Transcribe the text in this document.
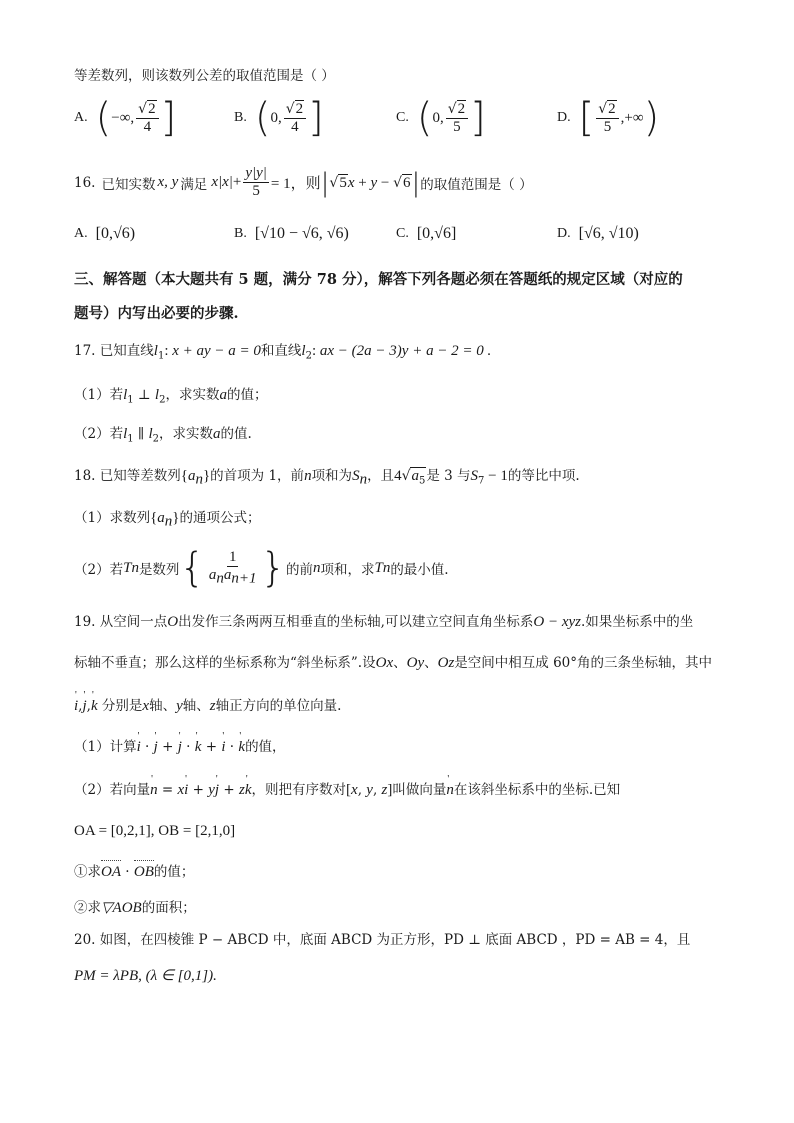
等差数列，则该数列公差的取值范围是（ ）
A. ( −∞, $\frac{√2}{4}$ ]	B. ( 0, $\frac{√2}{4}$ ]	C. ( 0, $\frac{√2}{5}$ ]	D. [ $\frac{√2}{5}$ ,+∞ )
16. 已知实数 x, y 满足 $x|x| + \frac{y|y|}{5} = 1$，则 | √5x + y − √6 | 的取值范围是（ ）
A. [0,√6)	B. [√10 − √6, √6)	C. [0,√6]	D. [√6, √10)
三、解答题（本大题共有 5 题，满分 78 分），解答下列各题必须在答题纸的规定区域（对应的
题号）内写出必要的步骤.
17. 已知直线$l_1$: x + ay − a = 0和直线$l_2$: ax − (2a − 3)y + a − 2 = 0 .
（1）若$l_1$ ⊥ $l_2$，求实数a的值；
（2）若$l_1$ ∥ $l_2$，求实数a的值.
18. 已知等差数列$\{a_n\}$的首项为 1，前n项和为$S_n$，且$4√a_5$是 3 与$S_7 - 1$的等比中项.
（1）求数列$\{a_n\}$的通项公式；
（2）若 T n 是数列 { $\frac{1}{a_na_{n+1}}$ } 的前 n 项和，求 T n 的最小值.
19. 从空间一点O出发作三条两两互相垂直的坐标轴,可以建立空间直角坐标系O − xyz.如果坐标系中的坐
标轴不垂直；那么这样的坐标系称为“斜坐标系”.设Ox、Oy、Oz是空间中相互成 60°角的三条坐标轴，其中
' i,' j,' k 分别是x轴、y轴、z轴正方向的单位向量.
（1）计算' i · ' j + ' j · ' k + ' i · ' k的值，
（2）若向量' n = x' i + y' j + z' k，则把有序数对[x, y, z]叫做向量' n在该斜坐标系中的坐标.已知
OA = [0,2,1], OB = [2,1,0]
①求OA · OB的值；
②求▽AOB的面积；
20. 如图，在四棱锥 P − ABCD 中，底面 ABCD 为正方形，PD ⊥ 底面 ABCD ，PD = AB = 4，且
PM = λPB, (λ ∈ [0,1]).
